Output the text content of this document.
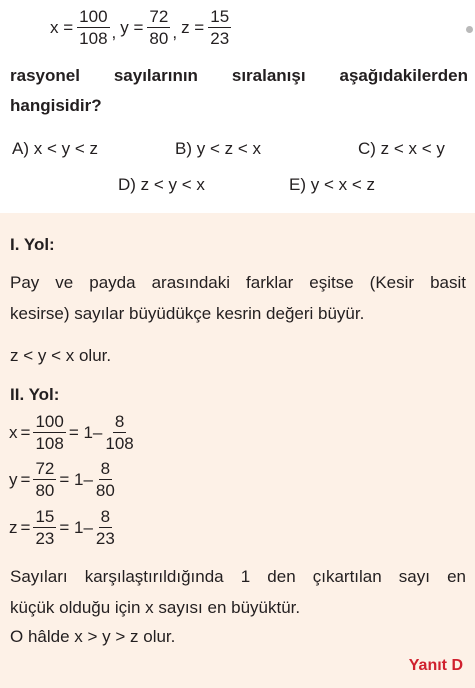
$x = \frac{100}{108}$ , $y = \frac{72}{80}$ , $z = \frac{15}{23}$
rasyonel sayılarının sıralanışı aşağıdakilerden
hangisidir?
A) x < y < z	B) y < z < x	C) z < x < y
D) z < y < x	E) y < x < z
I. Yol:
Pay ve payda arasındaki farklar eşitse (Kesir basit
kesirse) sayılar büyüdükçe kesrin değeri büyür.
z < y < x olur.
II. Yol:
$x = \frac{100}{108} = 1- \frac{8}{108}$
$y = \frac{72}{80} = 1- \frac{8}{80}$
$z = \frac{15}{23} = 1- \frac{8}{23}$
Sayıları karşılaştırıldığında 1 den çıkartılan sayı en
küçük olduğu için x sayısı en büyüktür.
O hâlde x > y > z olur.
Yanıt D
